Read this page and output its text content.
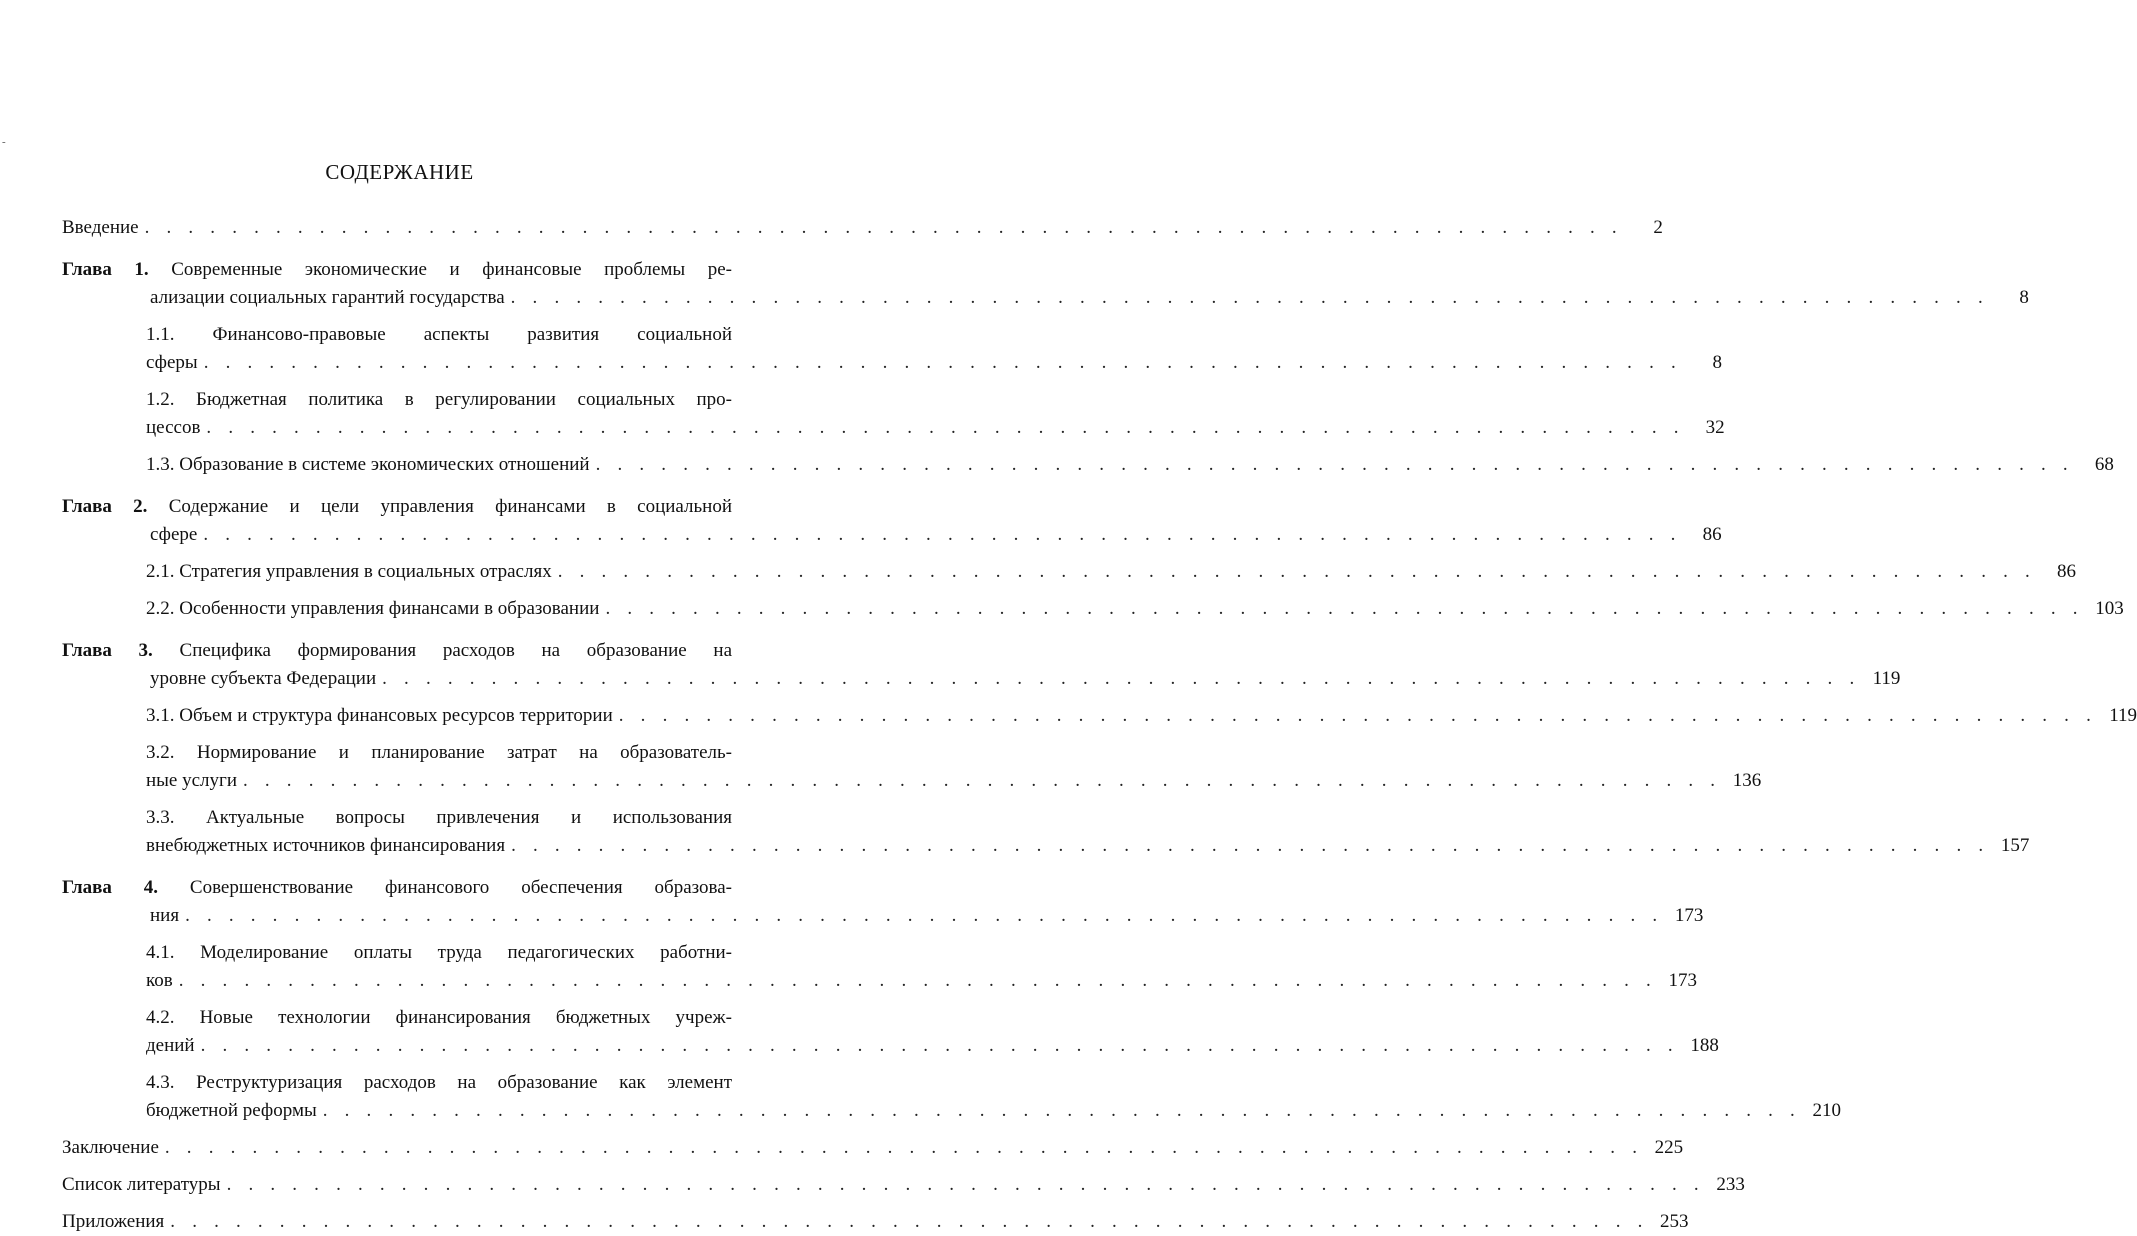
-
СОДЕРЖАНИЕ
Введение . . . . . . . . . . . . . . . . . . . . . . . . . . . . . . . . . . . . . . . . . . . . . . . . . . . . . . . . . . . . . . . . . . . .	2
Глава 1. Современные экономические и финансовые проблемы ре-
ализации социальных гарантий государства . . . . . . . . . . . . . . . . . . . . . . . . . . . . . . . . . . . . . . . . . . . . . . . . . . . . . . . . . . . . . . . . . . . .	8
1.1. Финансово-правовые аспекты развития социальной
сферы . . . . . . . . . . . . . . . . . . . . . . . . . . . . . . . . . . . . . . . . . . . . . . . . . . . . . . . . . . . . . . . . . . . .	8
1.2. Бюджетная политика в регулировании социальных про-
цессов . . . . . . . . . . . . . . . . . . . . . . . . . . . . . . . . . . . . . . . . . . . . . . . . . . . . . . . . . . . . . . . . . . . .	32
1.3. Образование в системе экономических отношений . . . . . . . . . . . . . . . . . . . . . . . . . . . . . . . . . . . . . . . . . . . . . . . . . . . . . . . . . . . . . . . . . . . .	68
Глава 2. Содержание и цели управления финансами в социальной
сфере . . . . . . . . . . . . . . . . . . . . . . . . . . . . . . . . . . . . . . . . . . . . . . . . . . . . . . . . . . . . . . . . . . . .	86
2.1. Стратегия управления в социальных отраслях . . . . . . . . . . . . . . . . . . . . . . . . . . . . . . . . . . . . . . . . . . . . . . . . . . . . . . . . . . . . . . . . . . . .	86
2.2. Особенности управления финансами в образовании . . . . . . . . . . . . . . . . . . . . . . . . . . . . . . . . . . . . . . . . . . . . . . . . . . . . . . . . . . . . . . . . . . . . 103
Глава 3. Специфика формирования расходов на образование на
уровне субъекта Федерации . . . . . . . . . . . . . . . . . . . . . . . . . . . . . . . . . . . . . . . . . . . . . . . . . . . . . . . . . . . . . . . . . . . . 119
3.1. Объем и структура финансовых ресурсов территории . . . . . . . . . . . . . . . . . . . . . . . . . . . . . . . . . . . . . . . . . . . . . . . . . . . . . . . . . . . . . . . . . . . . 119
3.2. Нормирование и планирование затрат на образователь-
ные услуги . . . . . . . . . . . . . . . . . . . . . . . . . . . . . . . . . . . . . . . . . . . . . . . . . . . . . . . . . . . . . . . . . . . . 136
3.3. Актуальные вопросы привлечения и использования
внебюджетных источников финансирования . . . . . . . . . . . . . . . . . . . . . . . . . . . . . . . . . . . . . . . . . . . . . . . . . . . . . . . . . . . . . . . . . . . . 157
Глава 4. Совершенствование финансового обеспечения образова-
ния . . . . . . . . . . . . . . . . . . . . . . . . . . . . . . . . . . . . . . . . . . . . . . . . . . . . . . . . . . . . . . . . . . . . 173
4.1. Моделирование оплаты труда педагогических работни-
ков . . . . . . . . . . . . . . . . . . . . . . . . . . . . . . . . . . . . . . . . . . . . . . . . . . . . . . . . . . . . . . . . . . . . 173
4.2. Новые технологии финансирования бюджетных учреж-
дений . . . . . . . . . . . . . . . . . . . . . . . . . . . . . . . . . . . . . . . . . . . . . . . . . . . . . . . . . . . . . . . . . . . . 188
4.3. Реструктуризация расходов на образование как элемент
бюджетной реформы . . . . . . . . . . . . . . . . . . . . . . . . . . . . . . . . . . . . . . . . . . . . . . . . . . . . . . . . . . . . . . . . . . . . 210
Заключение . . . . . . . . . . . . . . . . . . . . . . . . . . . . . . . . . . . . . . . . . . . . . . . . . . . . . . . . . . . . . . . . . . . . 225
Список литературы . . . . . . . . . . . . . . . . . . . . . . . . . . . . . . . . . . . . . . . . . . . . . . . . . . . . . . . . . . . . . . . . . . . . 233
Приложения . . . . . . . . . . . . . . . . . . . . . . . . . . . . . . . . . . . . . . . . . . . . . . . . . . . . . . . . . . . . . . . . . . . . 253
